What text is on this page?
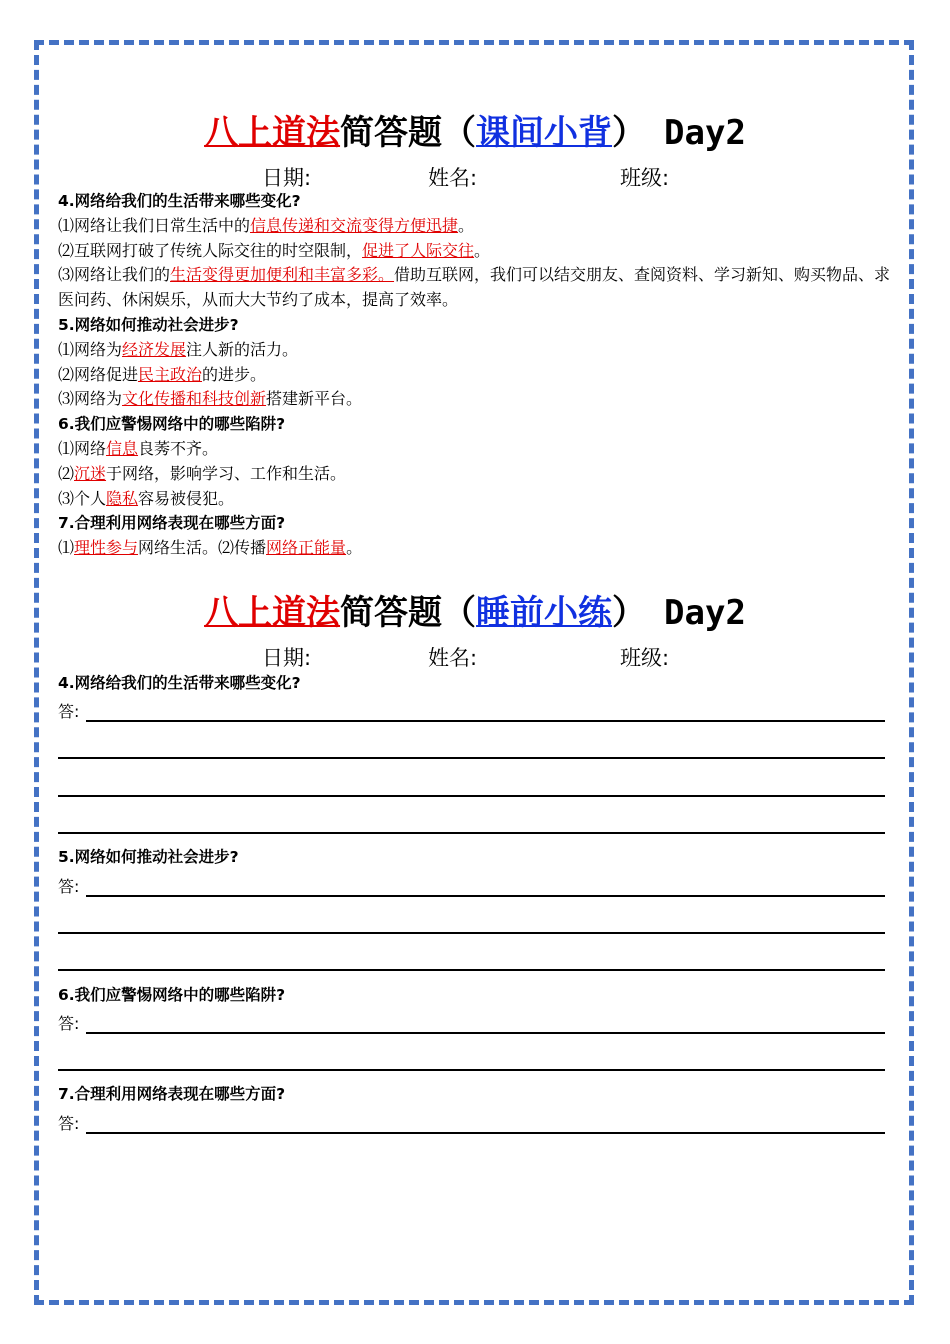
八上道法简答题（课间小背） Day2
日期:	姓名:	班级:
4.网络给我们的生活带来哪些变化?
⑴网络让我们日常生活中的信息传递和交流变得方便迅捷。
⑵互联网打破了传统人际交往的时空限制，促进了人际交往。
⑶网络让我们的生活变得更加便利和丰富多彩。借助互联网，我们可以结交朋友、查阅资料、学习新知、购买物品、求医问药、休闲娱乐，从而大大节约了成本，提高了效率。
5.网络如何推动社会进步?
⑴网络为经济发展注人新的活力。
⑵网络促进民主政治的进步。
⑶网络为文化传播和科技创新搭建新平台。
6.我们应警惕网络中的哪些陷阱?
⑴网络信息良莠不齐。
⑵沉迷于网络，影响学习、工作和生活。
⑶个人隐私容易被侵犯。
7.合理利用网络表现在哪些方面?
⑴理性参与网络生活。⑵传播网络正能量。
八上道法简答题（睡前小练） Day2
日期:	姓名:	班级:
4.网络给我们的生活带来哪些变化?
答:
5.网络如何推动社会进步?
答:
6.我们应警惕网络中的哪些陷阱?
答:
7.合理利用网络表现在哪些方面?
答:
